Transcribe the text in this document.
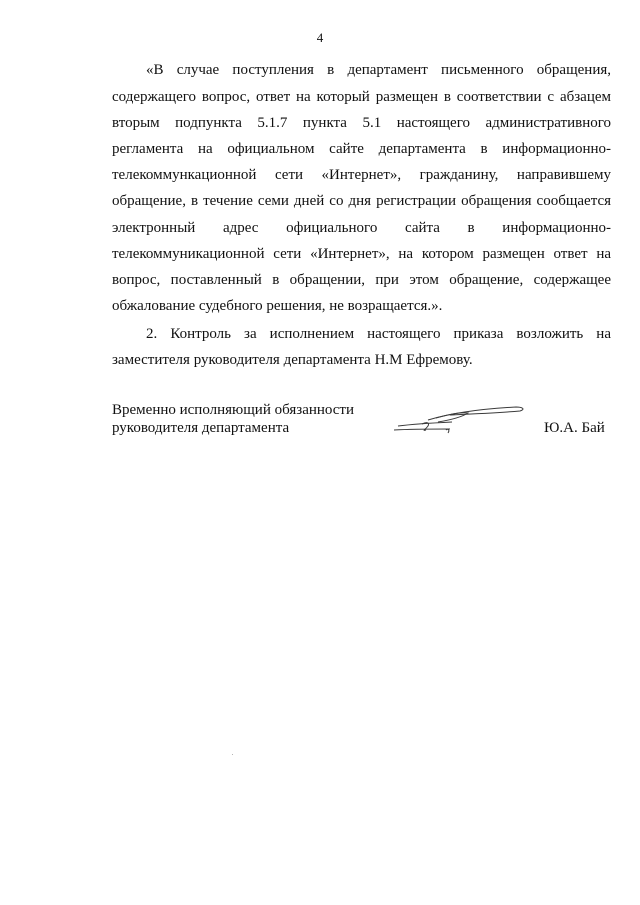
4
«В случае поступления в департамент письменного обращения,
содержащего вопрос, ответ на который размещен в соответствии с абзацем
вторым подпункта 5.1.7 пункта 5.1 настоящего административного
регламента на официальном сайте департамента в информационно-
телекоммункационной сети «Интернет», гражданину, направившему
обращение, в течение семи дней со дня регистрации обращения сообщается
электронный адрес официального сайта в информационно-
телекоммуникационной сети «Интернет», на котором размещен ответ на
вопрос, поставленный в обращении, при этом обращение, содержащее
обжалование судебного решения, не возращается.».
2. Контроль за исполнением настоящего приказа возложить на
заместителя руководителя департамента Н.М Ефремову.
Временно исполняющий обязанности
руководителя департамента	Ю.А. Бай
